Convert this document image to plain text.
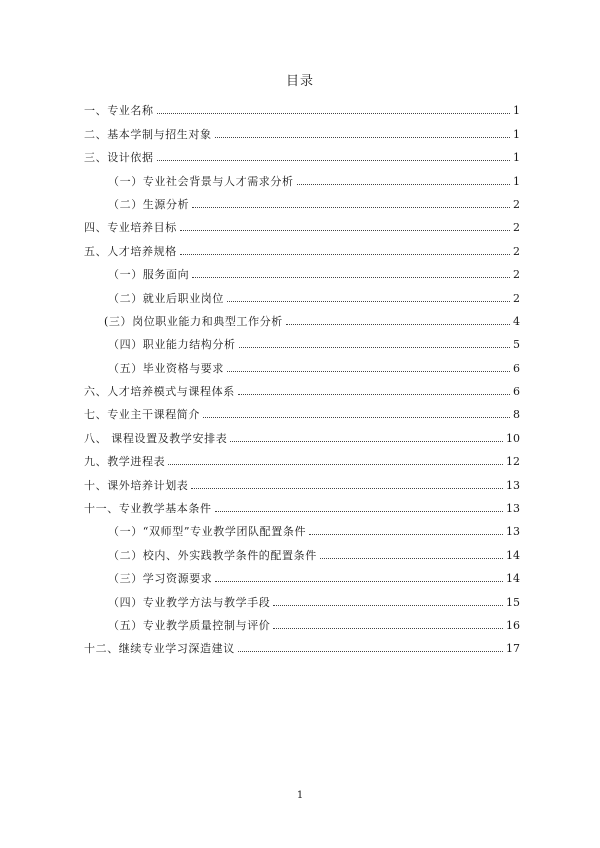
目录
一、专业名称	1
二、基本学制与招生对象	1
三、设计依据	1
（一）专业社会背景与人才需求分析	1
（二）生源分析	2
四、专业培养目标	2
五、人才培养规格	2
（一）服务面向	2
（二）就业后职业岗位	2
(三）岗位职业能力和典型工作分析	4
（四）职业能力结构分析	5
（五）毕业资格与要求	6
六、人才培养模式与课程体系	6
七、专业主干课程简介	8
八、 课程设置及教学安排表	10
九、教学进程表	12
十、课外培养计划表	13
十一、专业教学基本条件	13
（一）“双师型”专业教学团队配置条件	13
（二）校内、外实践教学条件的配置条件	14
（三）学习资源要求	14
（四）专业教学方法与教学手段	15
（五）专业教学质量控制与评价	16
十二、继续专业学习深造建议	17
1
